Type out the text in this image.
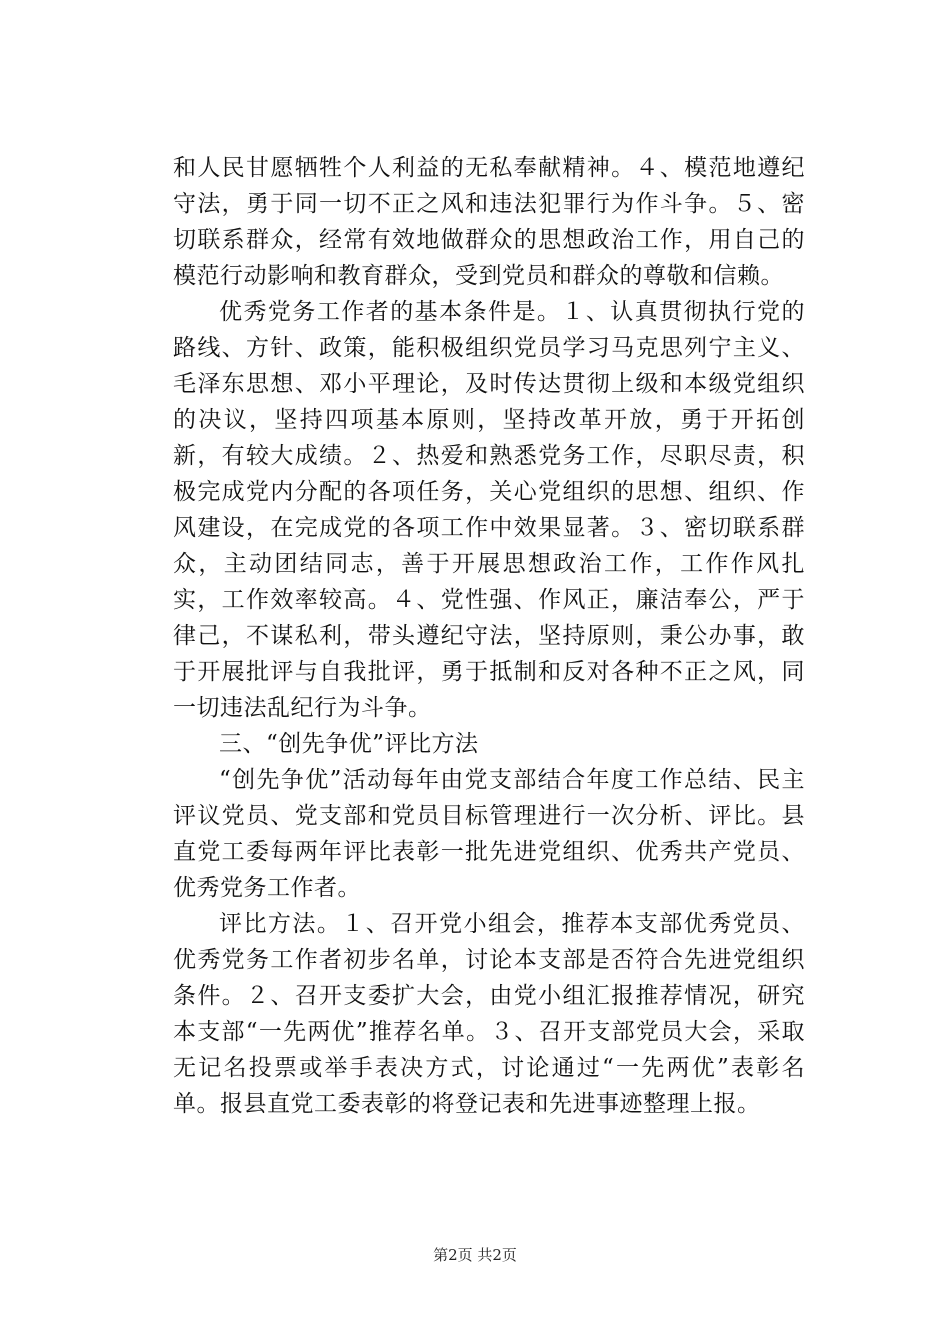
和人民甘愿牺牲个人利益的无私奉献精神。４、模范地遵纪守法，勇于同一切不正之风和违法犯罪行为作斗争。５、密切联系群众，经常有效地做群众的思想政治工作，用自己的模范行动影响和教育群众，受到党员和群众的尊敬和信赖。

优秀党务工作者的基本条件是。１、认真贯彻执行党的路线、方针、政策，能积极组织党员学习马克思列宁主义、毛泽东思想、邓小平理论，及时传达贯彻上级和本级党组织的决议，坚持四项基本原则，坚持改革开放，勇于开拓创新，有较大成绩。２、热爱和熟悉党务工作，尽职尽责，积极完成党内分配的各项任务，关心党组织的思想、组织、作风建设，在完成党的各项工作中效果显著。３、密切联系群众，主动团结同志，善于开展思想政治工作，工作作风扎实，工作效率较高。４、党性强、作风正，廉洁奉公，严于律己，不谋私利，带头遵纪守法，坚持原则，秉公办事，敢于开展批评与自我批评，勇于抵制和反对各种不正之风，同一切违法乱纪行为斗争。

三、“创先争优”评比方法

“创先争优”活动每年由党支部结合年度工作总结、民主评议党员、党支部和党员目标管理进行一次分析、评比。县直党工委每两年评比表彰一批先进党组织、优秀共产党员、优秀党务工作者。

评比方法。１、召开党小组会，推荐本支部优秀党员、优秀党务工作者初步名单，讨论本支部是否符合先进党组织条件。２、召开支委扩大会，由党小组汇报推荐情况，研究本支部“一先两优”推荐名单。３、召开支部党员大会，采取无记名投票或举手表决方式，讨论通过“一先两优”表彰名单。报县直党工委表彰的将登记表和先进事迹整理上报。

第2页 共2页
